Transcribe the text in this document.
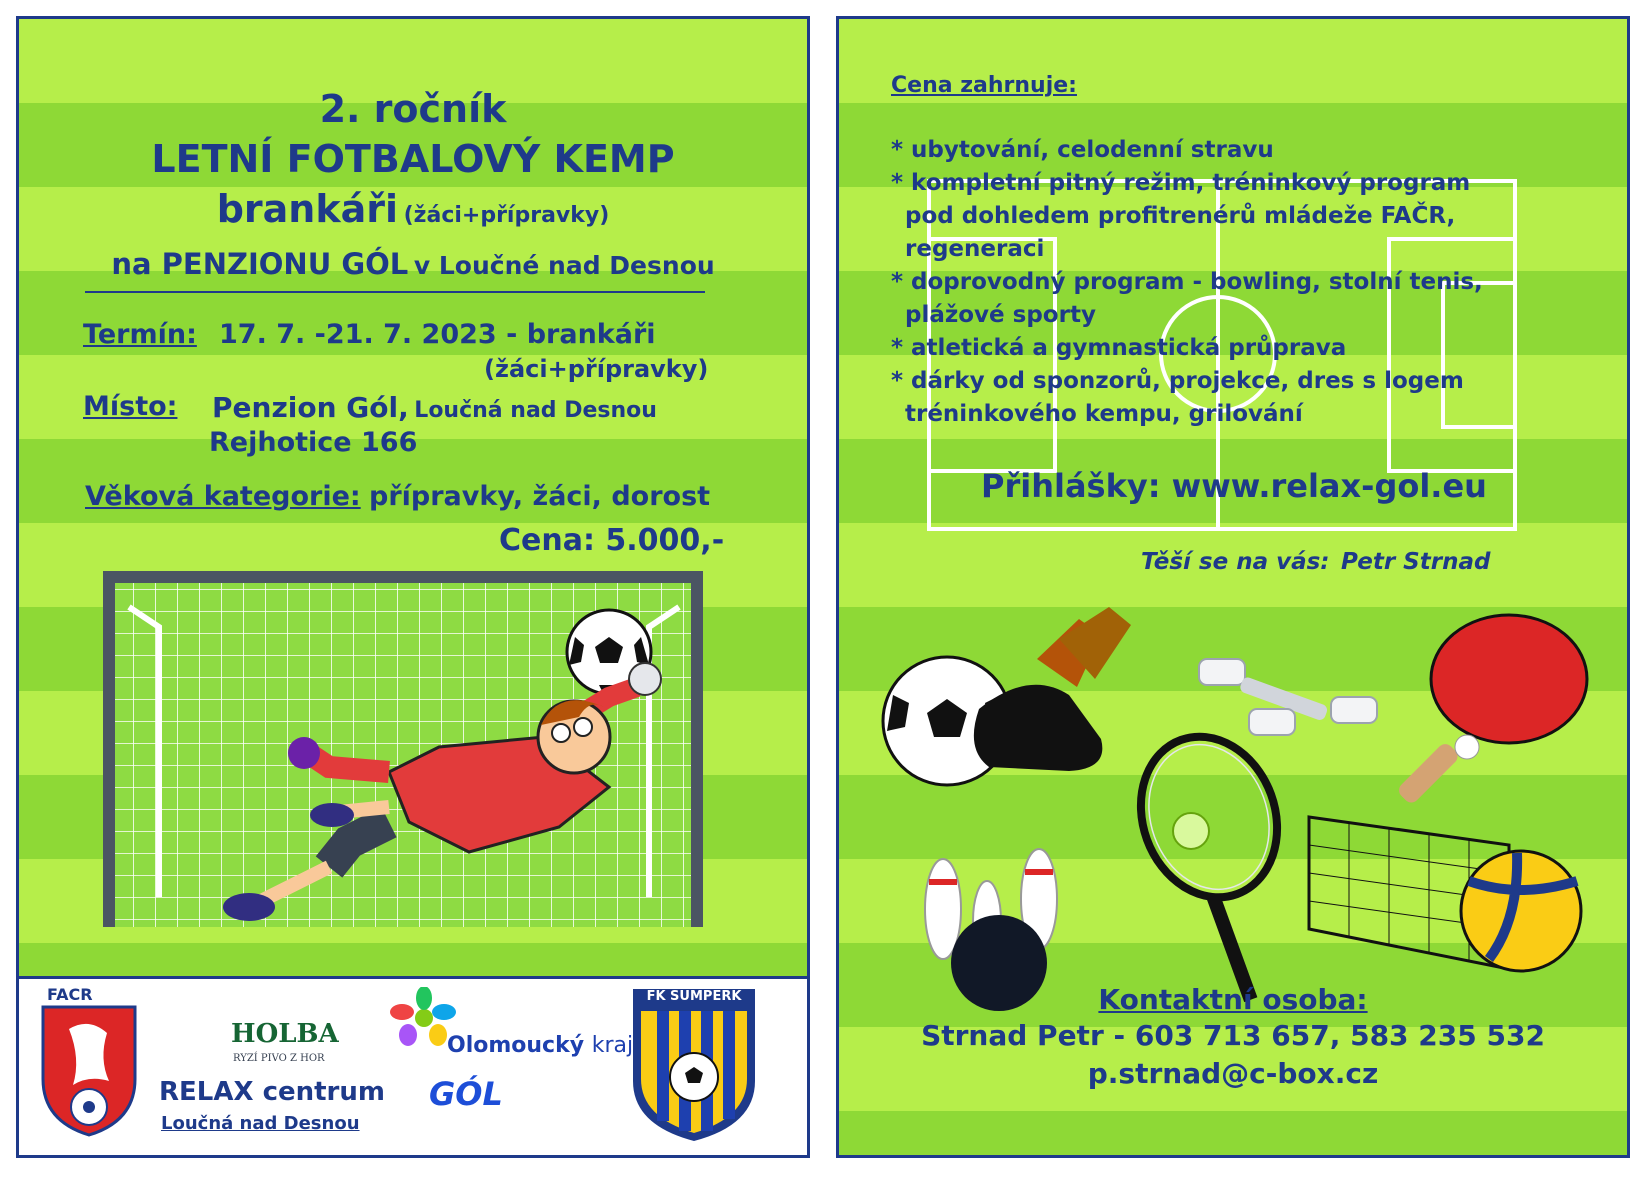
2. ročník
LETNÍ FOTBALOVÝ KEMP
brankáři (žáci+přípravky)
na PENZIONU GÓL v Loučné nad Desnou
Termín: 17. 7. -21. 7. 2023 - brankáři
(žáci+přípravky)
Místo: Penzion Gól, Loučná nad Desnou
Rejhotice 166
Věková kategorie: přípravky, žáci, dorost
Cena: 5.000,-
FACR
HOLBA
RYZÍ PIVO Z HOR
Olomoucký kraj
RELAX centrum
Loučná nad Desnou
GÓL
FK ŠUMPERK
Cena zahrnuje:
* ubytování, celodenní stravu
* kompletní pitný režim, tréninkový program
pod dohledem profitrenérů mládeže FAČR,
regeneraci
* doprovodný program - bowling, stolní tenis,
plážové sporty
* atletická a gymnastická průprava
* dárky od sponzorů, projekce, dres s logem
tréninkového kempu, grilování
Přihlášky: www.relax-gol.eu
Těší se na vás: Petr Strnad
Kontaktní osoba:
Strnad Petr - 603 713 657, 583 235 532
p.strnad@c-box.cz
